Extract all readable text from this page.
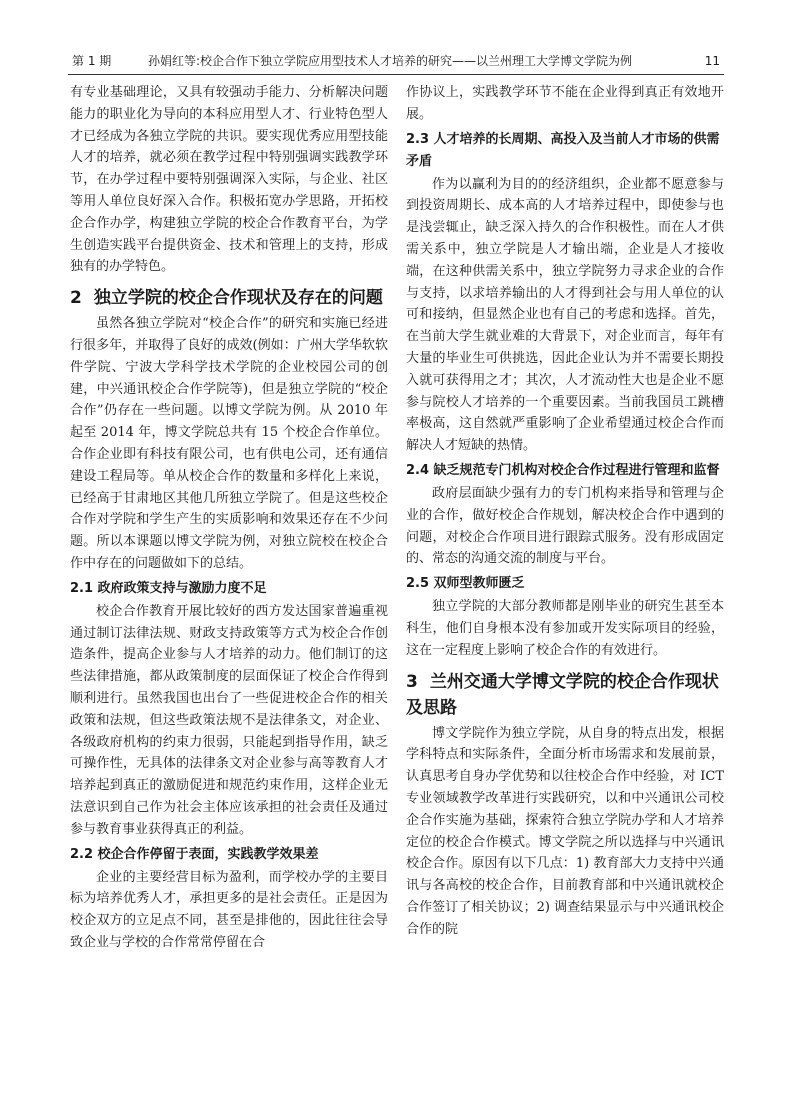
第 1 期	孙娟红等:校企合作下独立学院应用型技术人才培养的研究——以兰州理工大学博文学院为例	11

有专业基础理论，又具有较强动手能力、分析解决问题能力的职业化为导向的本科应用型人才、行业特色型人才已经成为各独立学院的共识。要实现优秀应用型技能人才的培养，就必须在教学过程中特别强调实践教学环节，在办学过程中要特别强调深入实际，与企业、社区等用人单位良好深入合作。积极拓宽办学思路，开拓校企合作办学，构建独立学院的校企合作教育平台，为学生创造实践平台提供资金、技术和管理上的支持，形成独有的办学特色。

2 独立学院的校企合作现状及存在的问题

虽然各独立学院对“校企合作”的研究和实施已经进行很多年，并取得了良好的成效(例如：广州大学华软软件学院、宁波大学科学技术学院的企业校园公司的创建，中兴通讯校企合作学院等)，但是独立学院的“校企合作”仍存在一些问题。以博文学院为例。从 2010 年起至 2014 年，博文学院总共有 15 个校企合作单位。合作企业即有科技有限公司，也有供电公司，还有通信建设工程局等。单从校企合作的数量和多样化上来说，已经高于甘肃地区其他几所独立学院了。但是这些校企合作对学院和学生产生的实质影响和效果还存在不少问题。所以本课题以博文学院为例，对独立院校在校企合作中存在的问题做如下的总结。

2.1 政府政策支持与激励力度不足

校企合作教育开展比较好的西方发达国家普遍重视通过制订法律法规、财政支持政策等方式为校企合作创造条件，提高企业参与人才培养的动力。他们制订的这些法律措施，都从政策制度的层面保证了校企合作得到顺利进行。虽然我国也出台了一些促进校企合作的相关政策和法规，但这些政策法规不是法律条文，对企业、各级政府机构的约束力很弱，只能起到指导作用，缺乏可操作性，无具体的法律条文对企业参与高等教育人才培养起到真正的激励促进和规范约束作用，这样企业无法意识到自己作为社会主体应该承担的社会责任及通过参与教育事业获得真正的利益。

2.2 校企合作停留于表面，实践教学效果差

企业的主要经营目标为盈利，而学校办学的主要目标为培养优秀人才，承担更多的是社会责任。正是因为校企双方的立足点不同，甚至是排他的，因此往往会导致企业与学校的合作常常停留在合

作协议上，实践教学环节不能在企业得到真正有效地开展。

2.3 人才培养的长周期、高投入及当前人才市场的供需矛盾

作为以赢利为目的的经济组织，企业都不愿意参与到投资周期长、成本高的人才培养过程中，即使参与也是浅尝辄止，缺乏深入持久的合作积极性。而在人才供需关系中，独立学院是人才输出端，企业是人才接收端，在这种供需关系中，独立学院努力寻求企业的合作与支持，以求培养输出的人才得到社会与用人单位的认可和接纳，但显然企业也有自己的考虑和选择。首先，在当前大学生就业难的大背景下，对企业而言，每年有大量的毕业生可供挑选，因此企业认为并不需要长期投入就可获得用之才；其次，人才流动性大也是企业不愿参与院校人才培养的一个重要因素。当前我国员工跳槽率极高，这自然就严重影响了企业希望通过校企合作而解决人才短缺的热情。

2.4 缺乏规范专门机构对校企合作过程进行管理和监督

政府层面缺少强有力的专门机构来指导和管理与企业的合作，做好校企合作规划，解决校企合作中遇到的问题，对校企合作项目进行跟踪式服务。没有形成固定的、常态的沟通交流的制度与平台。

2.5 双师型教师匮乏

独立学院的大部分教师都是刚毕业的研究生甚至本科生，他们自身根本没有参加或开发实际项目的经验，这在一定程度上影响了校企合作的有效进行。

3 兰州交通大学博文学院的校企合作现状及思路

博文学院作为独立学院，从自身的特点出发，根据学科特点和实际条件，全面分析市场需求和发展前景，认真思考自身办学优势和以往校企合作中经验，对 ICT 专业领域教学改革进行实践研究，以和中兴通讯公司校企合作实施为基础，探索符合独立学院办学和人才培养定位的校企合作模式。博文学院之所以选择与中兴通讯校企合作。原因有以下几点：1) 教育部大力支持中兴通讯与各高校的校企合作，目前教育部和中兴通讯就校企合作签订了相关协议；2) 调查结果显示与中兴通讯校企合作的院
